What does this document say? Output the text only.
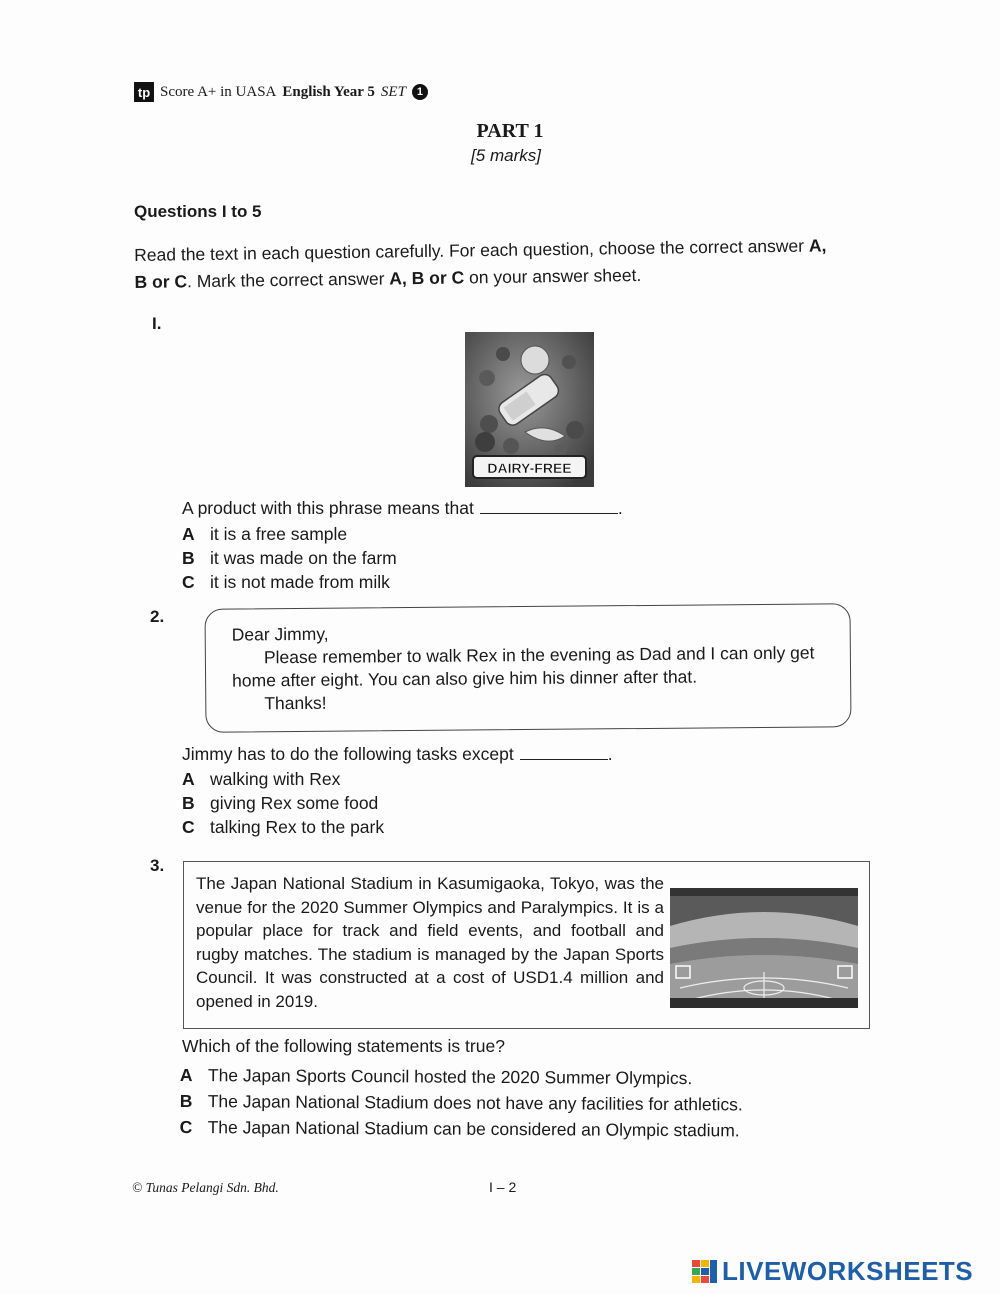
tp Score A+ in UASA English Year 5 SET 1
PART 1
[5 marks]
Questions I to 5
Read the text in each question carefully. For each question, choose the correct answer A,
B or C. Mark the correct answer A, B or C on your answer sheet.
I.
DAIRY-FREE
A product with this phrase means that	.
A it is a free sample
B it was made on the farm
C it is not made from milk
2.
Dear Jimmy,
Please remember to walk Rex in the evening as Dad and I can only get home after eight. You can also give him his dinner after that.
Thanks!
Jimmy has to do the following tasks except	.
A walking with Rex
B giving Rex some food
C talking Rex to the park
3.
The Japan National Stadium in Kasumigaoka, Tokyo, was the venue for the 2020 Summer Olympics and Paralympics. It is a popular place for track and field events, and football and rugby matches. The stadium is managed by the Japan Sports Council. It was constructed at a cost of USD1.4 million and opened in 2019.
Which of the following statements is true?
A The Japan Sports Council hosted the 2020 Summer Olympics.
B The Japan National Stadium does not have any facilities for athletics.
C The Japan National Stadium can be considered an Olympic stadium.
© Tunas Pelangi Sdn. Bhd.	I – 2
LIVEWORKSHEETS
